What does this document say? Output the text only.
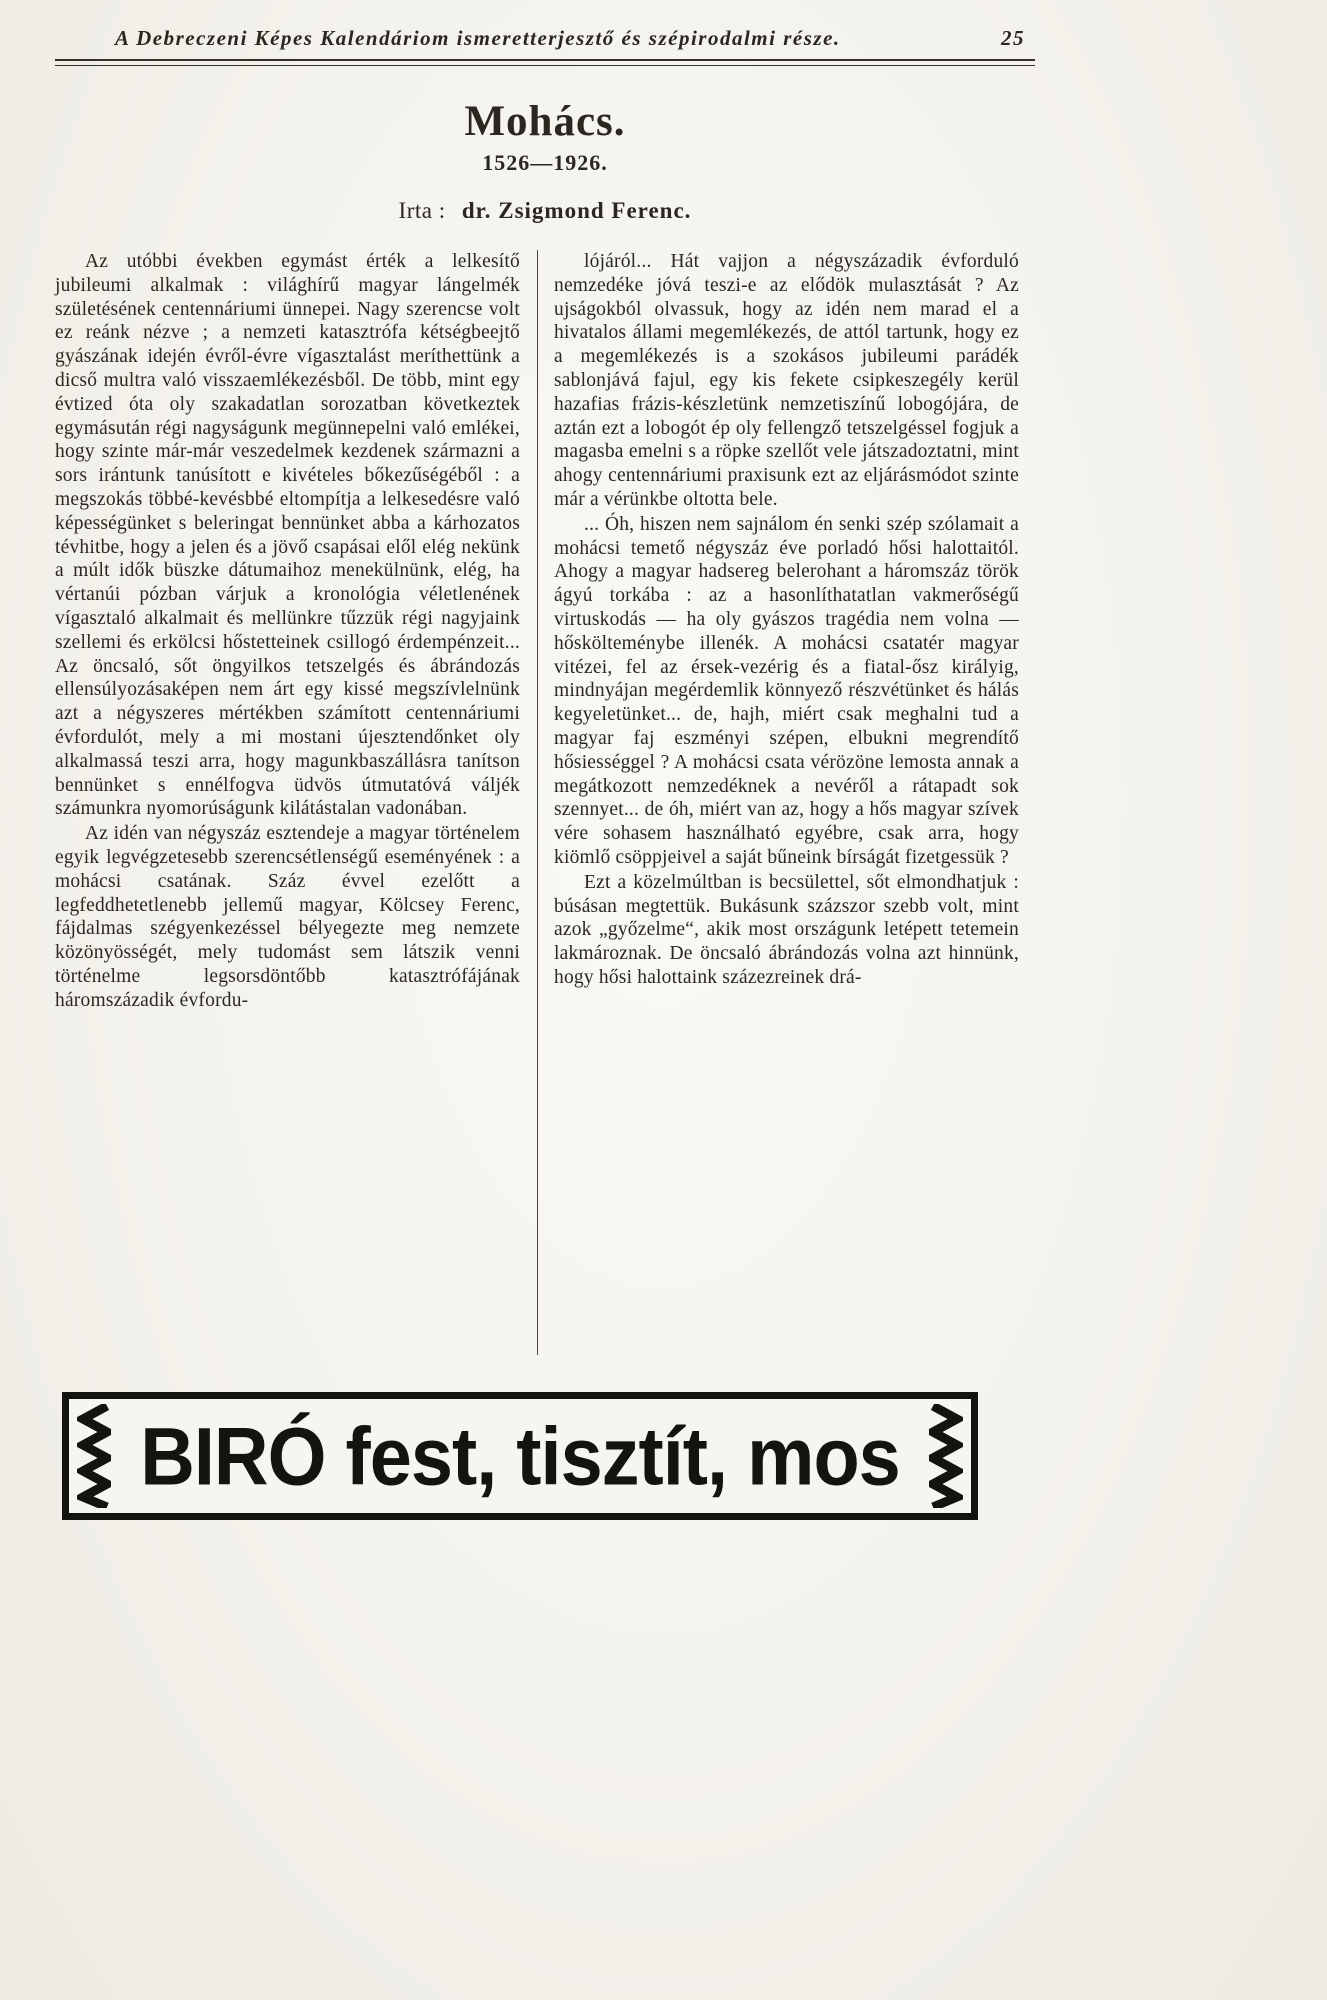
A Debreczeni Képes Kalendáriom ismeretterjesztő és szépirodalmi része.	25
Mohács.
1526—1926.
Irta : dr. Zsigmond Ferenc.

Az utóbbi években egymást érték a lelkesítő jubileumi alkalmak : világhírű magyar lángelmék születésének centennáriumi ünnepei. Nagy szerencse volt ez reánk nézve ; a nemzeti katasztrófa kétségbeejtő gyászának idején évről-évre vígasztalást meríthettünk a dicső multra való visszaemlékezésből. De több, mint egy évtized óta oly szakadatlan sorozatban következtek egymásután régi nagyságunk megünnepelni való emlékei, hogy szinte már-már veszedelmek kezdenek származni a sors irántunk tanúsított e kivételes bőkezűségéből : a megszokás többé-kevésbbé eltompítja a lelkesedésre való képességünket s beleringat bennünket abba a kárhozatos tévhitbe, hogy a jelen és a jövő csapásai elől elég nekünk a múlt idők büszke dátumaihoz menekülnünk, elég, ha vértanúi pózban várjuk a kronológia véletlenének vígasztaló alkalmait és mellünkre tűzzük régi nagyjaink szellemi és erkölcsi hőstetteinek csillogó érdempénzeit... Az öncsaló, sőt öngyilkos tetszelgés és ábrándozás ellensúlyozásaképen nem árt egy kissé megszívlelnünk azt a négyszeres mértékben számított centennáriumi évfordulót, mely a mi mostani újesztendőnket oly alkalmassá teszi arra, hogy magunkbaszállásra tanítson bennünket s ennélfogva üdvös útmutatóvá váljék számunkra nyomorúságunk kilátástalan vadonában.

Az idén van négyszáz esztendeje a magyar történelem egyik legvégzetesebb szerencsétlenségű eseményének : a mohácsi csatának. Száz évvel ezelőtt a legfeddhetetlenebb jellemű magyar, Kölcsey Ferenc, fájdalmas szégyenkezéssel bélyegezte meg nemzete közönyösségét, mely tudomást sem látszik venni történelme legsorsdöntőbb katasztrófájának háromszázadik évfordu-

lójáról... Hát vajjon a négyszázadik évforduló nemzedéke jóvá teszi-e az elődök mulasztását ? Az ujságokból olvassuk, hogy az idén nem marad el a hivatalos állami megemlékezés, de attól tartunk, hogy ez a megemlékezés is a szokásos jubileumi parádék sablonjává fajul, egy kis fekete csipkeszegély kerül hazafias frázis-készletünk nemzetiszínű lobogójára, de aztán ezt a lobogót ép oly fellengző tetszelgéssel fogjuk a magasba emelni s a röpke szellőt vele játszadoztatni, mint ahogy centennáriumi praxisunk ezt az eljárásmódot szinte már a vérünkbe oltotta bele.

... Óh, hiszen nem sajnálom én senki szép szólamait a mohácsi temető négyszáz éve porladó hősi halottaitól. Ahogy a magyar hadsereg belerohant a háromszáz török ágyú torkába : az a hasonlíthatatlan vakmerőségű virtuskodás — ha oly gyászos tragédia nem volna — hőskölteménybe illenék. A mohácsi csatatér magyar vitézei, fel az érsek-vezérig és a fiatal-ősz királyig, mindnyájan megérdemlik könnyező részvétünket és hálás kegyeletünket... de, hajh, miért csak meghalni tud a magyar faj eszményi szépen, elbukni megrendítő hősiességgel ? A mohácsi csata vérözöne lemosta annak a megátkozott nemzedéknek a nevéről a rátapadt sok szennyet... de óh, miért van az, hogy a hős magyar szívek vére sohasem használható egyébre, csak arra, hogy kiömlő csöppjeivel a saját bűneink bírságát fizetgessük ?

Ezt a közelmúltban is becsülettel, sőt elmondhatjuk : búsásan megtettük. Bukásunk százszor szebb volt, mint azok „győzelme“, akik most országunk letépett tetemein lakmároznak. De öncsaló ábrándozás volna azt hinnünk, hogy hősi halottaink százezreinek drá-

BIRÓ fest, tisztít, mos
